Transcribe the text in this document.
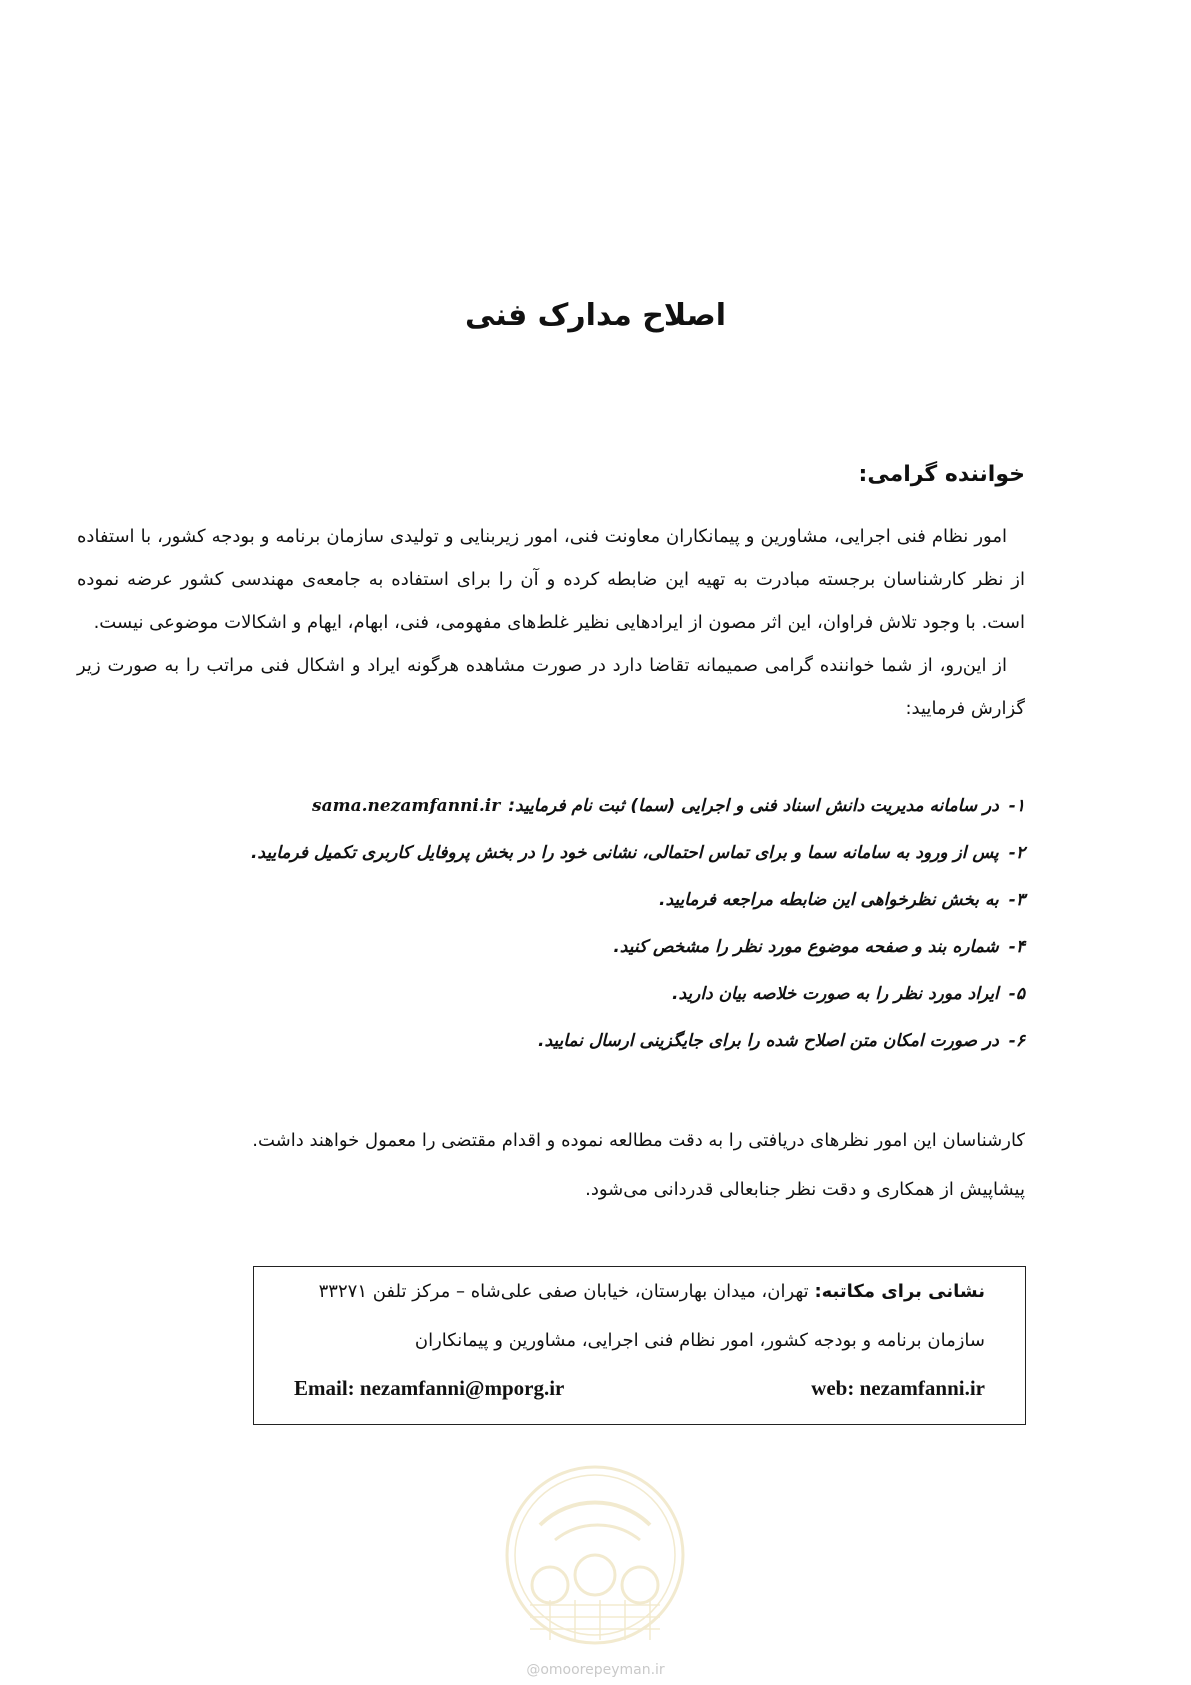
اصلاح مدارک فنی
خواننده گرامی:

امور نظام فنی اجرایی، مشاورین و پیمانکاران معاونت فنی، امور زیربنایی و تولیدی سازمان برنامه و بودجه کشور، با استفاده از نظر کارشناسان برجسته مبادرت به تهیه این ضابطه کرده و آن را برای استفاده به جامعه‌ی مهندسی کشور عرضه نموده است. با وجود تلاش فراوان، این اثر مصون از ایرادهایی نظیر غلط‌های مفهومی، فنی، ابهام، ایهام و اشکالات موضوعی نیست.

از این‌رو، از شما خواننده گرامی صمیمانه تقاضا دارد در صورت مشاهده هرگونه ایراد و اشکال فنی مراتب را به صورت زیر گزارش فرمایید:

۱-در سامانه مدیریت دانش اسناد فنی و اجرایی (سما) ثبت نام فرمایید:sama.nezamfanni.ir
۲-پس از ورود به سامانه سما و برای تماس احتمالی، نشانی خود را در بخش پروفایل کاربری تکمیل فرمایید.
۳-به بخش نظرخواهی این ضابطه مراجعه فرمایید.
۴-شماره بند و صفحه موضوع مورد نظر را مشخص کنید.
۵-ایراد مورد نظر را به صورت خلاصه بیان دارید.
۶-در صورت امکان متن اصلاح شده را برای جایگزینی ارسال نمایید.
کارشناسان این امور نظرهای دریافتی را به دقت مطالعه نموده و اقدام مقتضی را معمول خواهند داشت.
پیشاپیش از همکاری و دقت نظر جنابعالی قدردانی می‌شود.
نشانی برای مکاتبه: تهران، میدان بهارستان، خیابان صفی علی‌شاه – مرکز تلفن ۳۳۲۷۱
سازمان برنامه و بودجه کشور، امور نظام فنی اجرایی، مشاورین و پیمانکاران
Email: nezamfanni@mporg.ir	web: nezamfanni.ir
@omoorepeyman.ir
